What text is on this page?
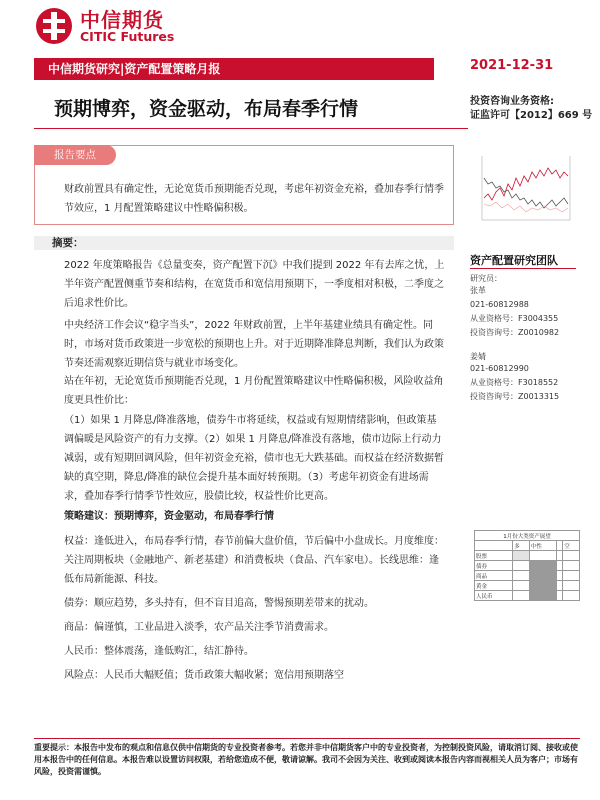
中信期货
CITIC Futures
中信期货研究|资产配置策略月报	2021-12-31
预期博弈，资金驱动，布局春季行情	投资咨询业务资格:
证监许可【2012】669 号
报告要点
财政前置具有确定性，无论宽货币预期能否兑现，考虑年初资金充裕，叠加春季行情季节效应，1 月配置策略建议中性略偏积极。
摘要：
2022 年度策略报告《总量变奏，资产配置下沉》中我们提到 2022 年有去库之忧，上半年资产配置侧重节奏和结构，在宽货币和宽信用预期下，一季度相对积极，二季度之后追求性价比。
中央经济工作会议“稳字当头”，2022 年财政前置，上半年基建业绩具有确定性。同时，市场对货币政策进一步宽松的预期也上升。对于近期降准降息判断，我们认为政策节奏还需观察近期信贷与就业市场变化。
站在年初，无论宽货币预期能否兑现，1 月份配置策略建议中性略偏积极，风险收益角度更具性价比：
（1）如果 1 月降息/降准落地，债券牛市将延续，权益或有短期情绪影响，但政策基调偏暖是风险资产的有力支撑。（2）如果 1 月降息/降准没有落地，债市边际上行动力减弱，或有短期回调风险，但年初资金充裕，债市也无大跌基础。而权益在经济数据暂缺的真空期，降息/降准的缺位会提升基本面好转预期。（3）考虑年初资金有进场需求，叠加春季行情季节性效应，股债比较，权益性价比更高。
策略建议：预期博弈，资金驱动，布局春季行情
权益：逢低进入，布局春季行情，春节前偏大盘价值，节后偏中小盘成长。月度维度：关注周期板块（金融地产、新老基建）和消费板块（食品、汽车家电）。长线思维：逢低布局新能源、科技。
债券：顺应趋势，多头持有，但不盲目追高，警惕预期差带来的扰动。
商品：偏谨慎，工业品进入淡季，农产品关注季节消费需求。
人民币：整体震荡，逢低购汇，结汇静待。
风险点：人民币大幅贬值；货币政策大幅收紧；宽信用预期落空
资产配置研究团队
研究员：
张革
021-60812988
从业资格号：F3004355
投资咨询号：Z0010982
姜婧
021-60812990
从业资格号：F3018552
投资咨询号：Z0013315
1月份大类资产展望				
	多	中性		空
股票				
债券				
商品				
黄金				
人民币				
重要提示：本报告中发布的观点和信息仅供中信期货的专业投资者参考。若您并非中信期货客户中的专业投资者，为控制投资风险，请取消订阅、接收或使用本报告中的任何信息。本报告难以设置访问权限，若给您造成不便，敬请谅解。我司不会因为关注、收到或阅读本报告内容而视相关人员为客户；市场有风险，投资需谨慎。
